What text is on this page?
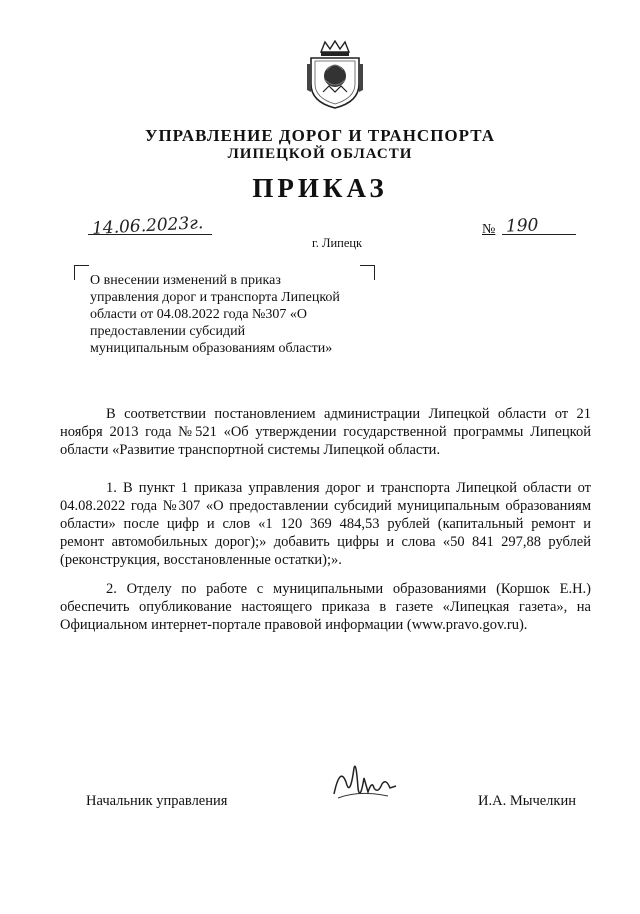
УПРАВЛЕНИЕ ДОРОГ И ТРАНСПОРТА
ЛИПЕЦКОЙ ОБЛАСТИ
ПРИКАЗ
14.06.2023г.	№ 190
г. Липецк
О внесении изменений в приказ
управления дорог и транспорта Липецкой
области от 04.08.2022 года №307 «О
предоставлении субсидий
муниципальным образованиям области»
В соответствии постановлением администрации Липецкой области от 21
ноября 2013 года №521 «Об утверждении государственной программы Липецкой
области «Развитие транспортной системы Липецкой области.
1. В пункт 1 приказа управления дорог и транспорта Липецкой области от
04.08.2022 года №307 «О предоставлении субсидий муниципальным образованиям
области» после цифр и слов «1 120 369 484,53 рублей (капитальный ремонт и
ремонт автомобильных дорог);» добавить цифры и слова «50 841 297,88 рублей
(реконструкция, восстановленные остатки);».
2. Отделу по работе с муниципальными образованиями (Коршок Е.Н.)
обеспечить опубликование настоящего приказа в газете «Липецкая газета», на
Официальном интернет-портале правовой информации (www.pravo.gov.ru).
Начальник управления	И.А. Мычелкин
